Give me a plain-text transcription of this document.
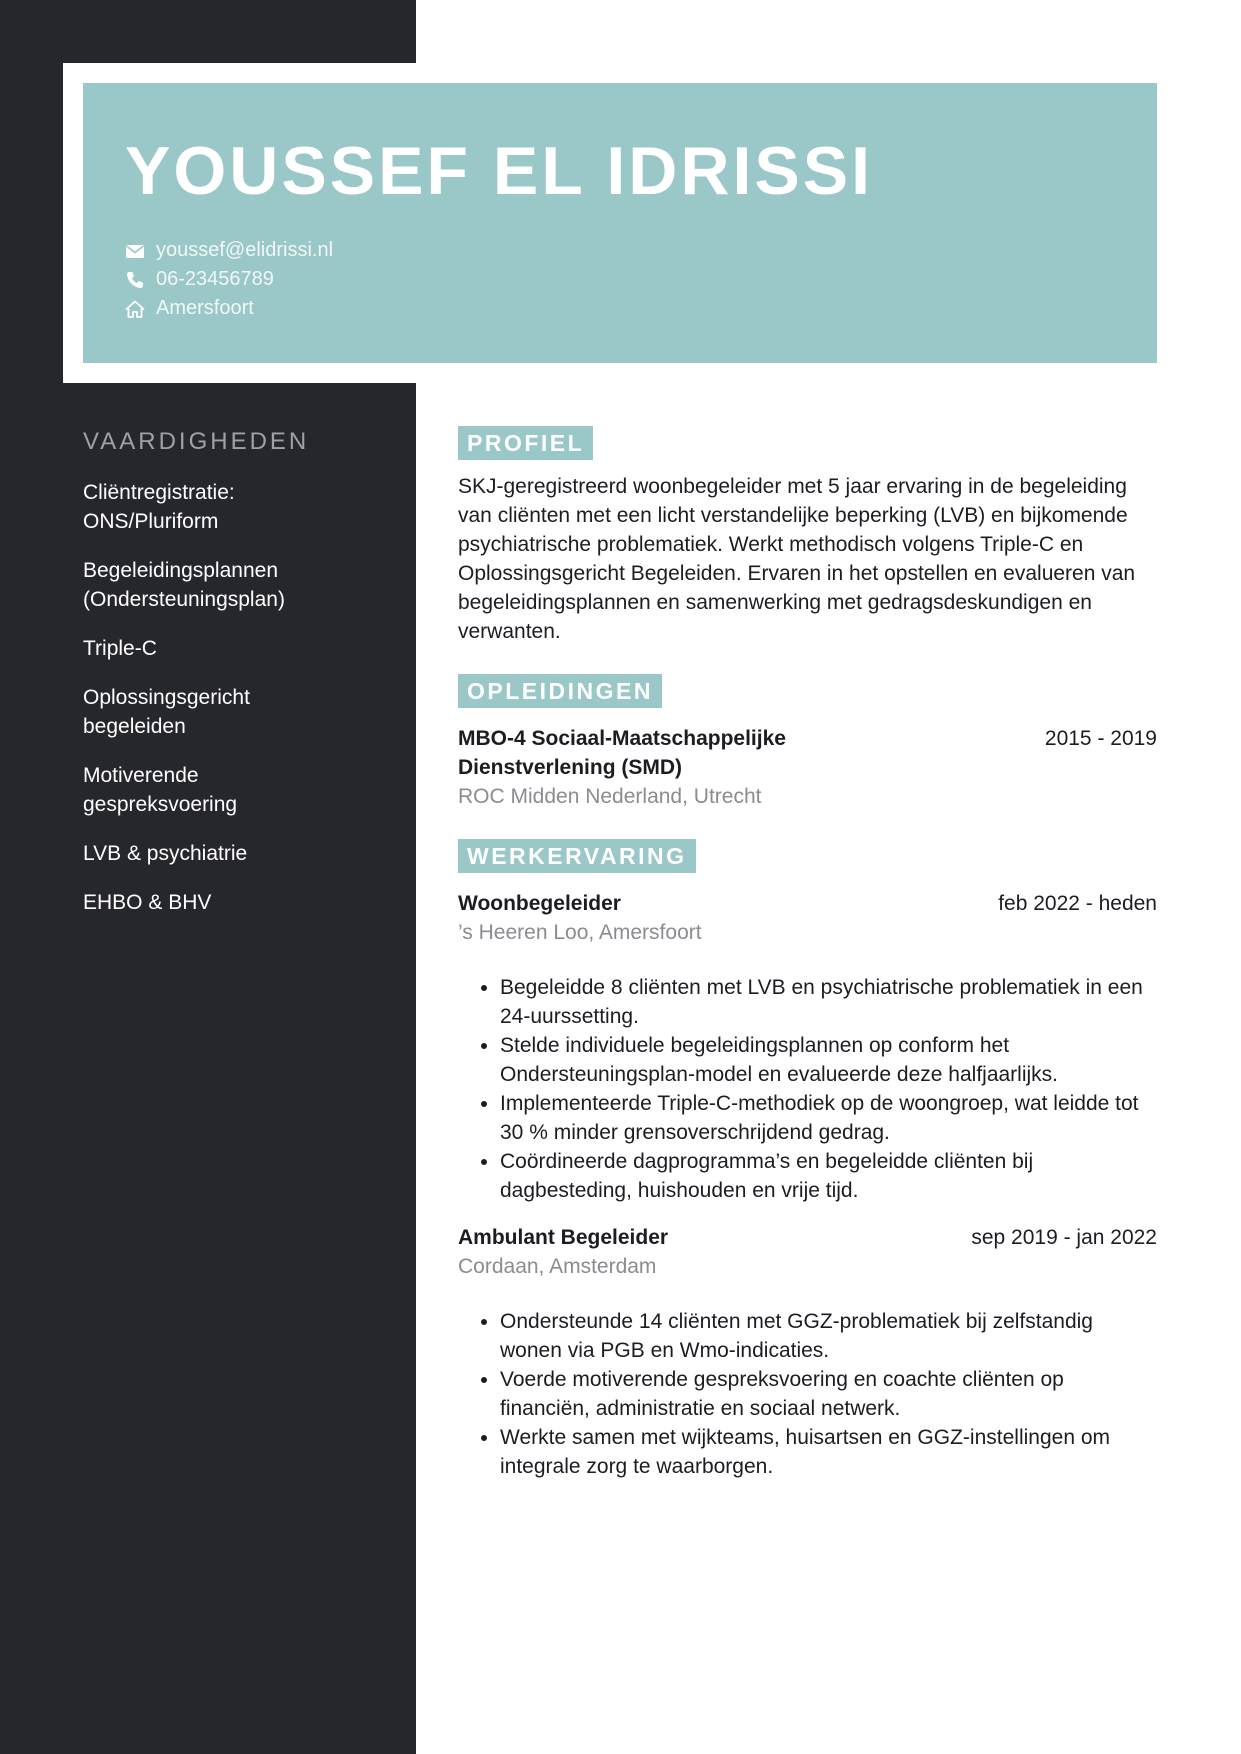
YOUSSEF EL IDRISSI
youssef@elidrissi.nl
06-23456789
Amersfoort
VAARDIGHEDEN
Cliëntregistratie:
ONS/Pluriform
Begeleidingsplannen
(Ondersteuningsplan)
Triple-C
Oplossingsgericht
begeleiden
Motiverende
gespreksvoering
LVB & psychiatrie
EHBO & BHV
PROFIEL
SKJ-geregistreerd woonbegeleider met 5 jaar ervaring in de begeleiding van cliënten met een licht verstandelijke beperking (LVB) en bijkomende psychiatrische problematiek. Werkt methodisch volgens Triple-C en Oplossingsgericht Begeleiden. Ervaren in het opstellen en evalueren van begeleidingsplannen en samenwerking met gedragsdeskundigen en verwanten.
OPLEIDINGEN
MBO-4 Sociaal-Maatschappelijke Dienstverlening (SMD)
2015 - 2019
ROC Midden Nederland, Utrecht
WERKERVARING
Woonbegeleider	feb 2022 - heden
’s Heeren Loo, Amersfoort
• Begeleidde 8 cliënten met LVB en psychiatrische problematiek in een 24-uurssetting.
• Stelde individuele begeleidingsplannen op conform het Ondersteuningsplan-model en evalueerde deze halfjaarlijks.
• Implementeerde Triple-C-methodiek op de woongroep, wat leidde tot 30 % minder grensoverschrijdend gedrag.
• Coördineerde dagprogramma’s en begeleidde cliënten bij dagbesteding, huishouden en vrije tijd.
Ambulant Begeleider	sep 2019 - jan 2022
Cordaan, Amsterdam
• Ondersteunde 14 cliënten met GGZ-problematiek bij zelfstandig wonen via PGB en Wmo-indicaties.
• Voerde motiverende gespreksvoering en coachte cliënten op financiën, administratie en sociaal netwerk.
• Werkte samen met wijkteams, huisartsen en GGZ-instellingen om integrale zorg te waarborgen.
